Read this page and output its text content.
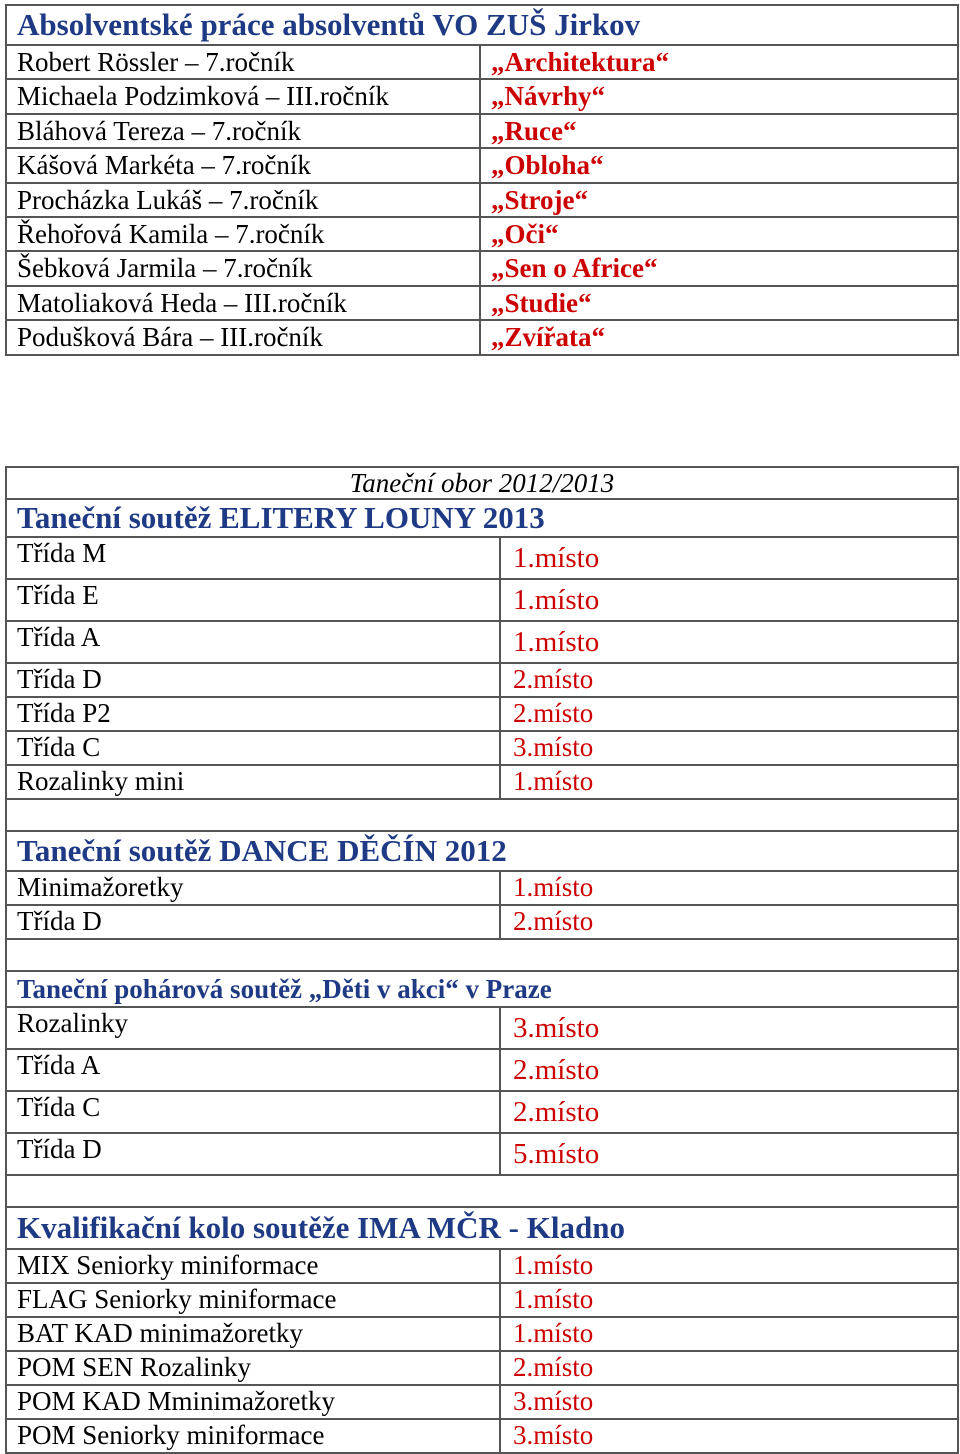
Absolventské práce absolventů VO ZUŠ Jirkov	
Robert Rössler – 7.ročník	„Architektura“
Michaela Podzimková – III.ročník	„Návrhy“
Bláhová Tereza – 7.ročník	„Ruce“
Kášová Markéta – 7.ročník	„Obloha“
Procházka Lukáš – 7.ročník	„Stroje“
Řehořová Kamila – 7.ročník	„Oči“
Šebková Jarmila – 7.ročník	„Sen o Africe“
Matoliaková Heda – III.ročník	„Studie“
Podušková Bára – III.ročník	„Zvířata“
Taneční obor 2012/2013	
Taneční soutěž ELITERY LOUNY 2013	
Třída M	1.místo
Třída E	1.místo
Třída A	1.místo
Třída D	2.místo
Třída P2	2.místo
Třída C	3.místo
Rozalinky mini	1.místo

Taneční soutěž DANCE DĚČÍN 2012	
Minimažoretky	1.místo
Třída D	2.místo

Taneční pohárová soutěž „Děti v akci“ v Praze	
Rozalinky	3.místo
Třída A	2.místo
Třída C	2.místo
Třída D	5.místo

Kvalifikační kolo soutěže IMA MČR - Kladno	
MIX Seniorky miniformace	1.místo
FLAG Seniorky miniformace	1.místo
BAT KAD minimažoretky	1.místo
POM SEN Rozalinky	2.místo
POM KAD Mminimažoretky	3.místo
POM Seniorky miniformace	3.místo
